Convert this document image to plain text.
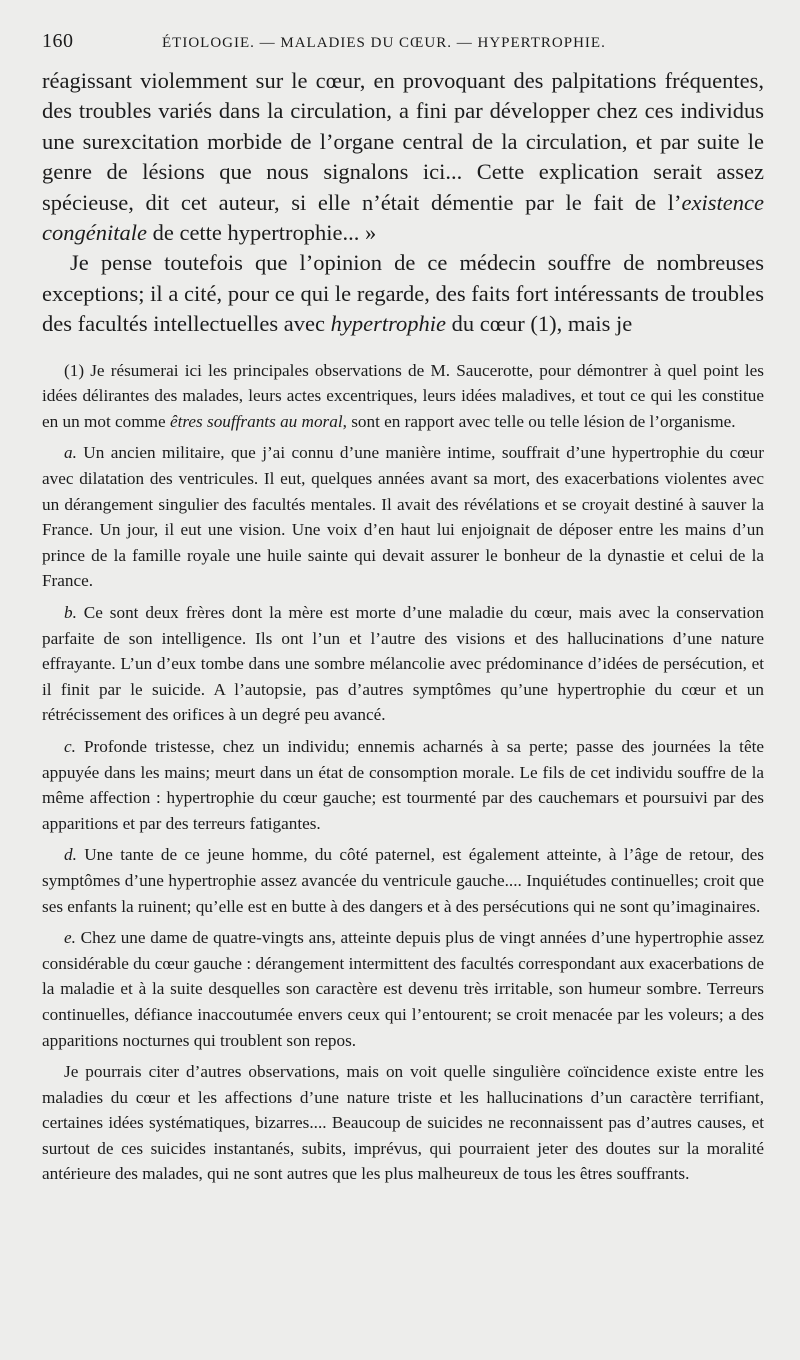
160	ÉTIOLOGIE. — MALADIES DU CŒUR. — HYPERTROPHIE.

réagissant violemment sur le cœur, en provoquant des palpitations fréquentes, des troubles variés dans la circulation, a fini par développer chez ces individus une surexcitation morbide de l’organe central de la circulation, et par suite le genre de lésions que nous signalons ici... Cette explication serait assez spécieuse, dit cet auteur, si elle n’était démentie par le fait de l’existence congénitale de cette hypertrophie... »

Je pense toutefois que l’opinion de ce médecin souffre de nombreuses exceptions; il a cité, pour ce qui le regarde, des faits fort intéressants de troubles des facultés intellectuelles avec hypertrophie du cœur (1), mais je

(1) Je résumerai ici les principales observations de M. Saucerotte, pour démontrer à quel point les idées délirantes des malades, leurs actes excentriques, leurs idées maladives, et tout ce qui les constitue en un mot comme êtres souffrants au moral, sont en rapport avec telle ou telle lésion de l’organisme.

a. Un ancien militaire, que j’ai connu d’une manière intime, souffrait d’une hypertrophie du cœur avec dilatation des ventricules. Il eut, quelques années avant sa mort, des exacerbations violentes avec un dérangement singulier des facultés mentales. Il avait des révélations et se croyait destiné à sauver la France. Un jour, il eut une vision. Une voix d’en haut lui enjoignait de déposer entre les mains d’un prince de la famille royale une huile sainte qui devait assurer le bonheur de la dynastie et celui de la France.

b. Ce sont deux frères dont la mère est morte d’une maladie du cœur, mais avec la conservation parfaite de son intelligence. Ils ont l’un et l’autre des visions et des hallucinations d’une nature effrayante. L’un d’eux tombe dans une sombre mélancolie avec prédominance d’idées de persécution, et il finit par le suicide. A l’autopsie, pas d’autres symptômes qu’une hypertrophie du cœur et un rétrécissement des orifices à un degré peu avancé.

c. Profonde tristesse, chez un individu; ennemis acharnés à sa perte; passe des journées la tête appuyée dans les mains; meurt dans un état de consomption morale. Le fils de cet individu souffre de la même affection : hypertrophie du cœur gauche; est tourmenté par des cauchemars et poursuivi par des apparitions et par des terreurs fatigantes.

d. Une tante de ce jeune homme, du côté paternel, est également atteinte, à l’âge de retour, des symptômes d’une hypertrophie assez avancée du ventricule gauche.... Inquiétudes continuelles; croit que ses enfants la ruinent; qu’elle est en butte à des dangers et à des persécutions qui ne sont qu’imaginaires.

e. Chez une dame de quatre-vingts ans, atteinte depuis plus de vingt années d’une hypertrophie assez considérable du cœur gauche : dérangement intermittent des facultés correspondant aux exacerbations de la maladie et à la suite desquelles son caractère est devenu très irritable, son humeur sombre. Terreurs continuelles, défiance inaccoutumée envers ceux qui l’entourent; se croit menacée par les voleurs; a des apparitions nocturnes qui troublent son repos.

Je pourrais citer d’autres observations, mais on voit quelle singulière coïncidence existe entre les maladies du cœur et les affections d’une nature triste et les hallucinations d’un caractère terrifiant, certaines idées systématiques, bizarres.... Beaucoup de suicides ne reconnaissent pas d’autres causes, et surtout de ces suicides instantanés, subits, imprévus, qui pourraient jeter des doutes sur la moralité antérieure des malades, qui ne sont autres que les plus malheureux de tous les êtres souffrants.
